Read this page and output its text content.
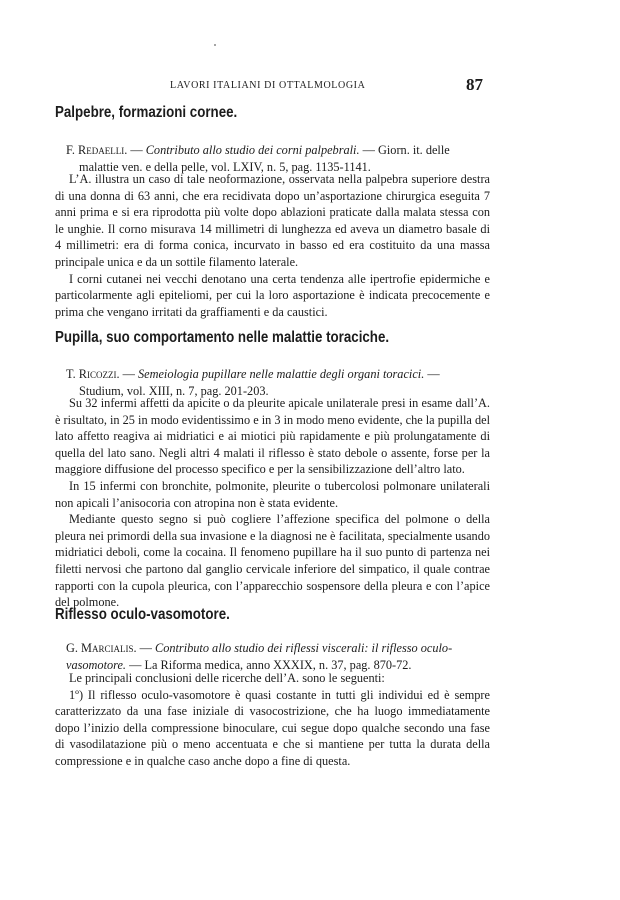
LAVORI ITALIANI DI OTTALMOLOGIA	87
Palpebre, formazioni cornee.
F. Redaelli. — Contributo allo studio dei corni palpebrali. — Giorn. it. delle
malattie ven. e della pelle, vol. LXIV, n. 5, pag. 1135-1141.

L’A. illustra un caso di tale neoformazione, osservata nella palpebra superiore destra di una donna di 63 anni, che era recidivata dopo un’asportazione chirurgica eseguita 7 anni prima e si era riprodotta più volte dopo ablazioni praticate dalla malata stessa con le unghie. Il corno misurava 14 millimetri di lunghezza ed aveva un diametro basale di 4 millimetri: era di forma conica, incurvato in basso ed era costituito da una massa principale unica e da un sottile filamento laterale.

I corni cutanei nei vecchi denotano una certa tendenza alle ipertrofie epidermiche e particolarmente agli epiteliomi, per cui la loro asportazione è indicata precocemente e prima che vengano irritati da graffiamenti e da caustici.

Pupilla, suo comportamento nelle malattie toraciche.
T. Ricozzi. — Semeiologia pupillare nelle malattie degli organi toracici. —
Studium, vol. XIII, n. 7, pag. 201-203.

Su 32 infermi affetti da apicite o da pleurite apicale unilaterale presi in esame dall’A. è risultato, in 25 in modo evidentissimo e in 3 in modo meno evidente, che la pupilla del lato affetto reagiva ai midriatici e ai miotici più rapidamente e più prolungatamente di quella del lato sano. Negli altri 4 malati il riflesso è stato debole o assente, forse per la maggiore diffusione del processo specifico e per la sensibilizzazione dell’altro lato.

In 15 infermi con bronchite, polmonite, pleurite o tubercolosi polmonare unilaterali non apicali l’anisocoria con atropina non è stata evidente.

Mediante questo segno si può cogliere l’affezione specifica del polmone o della pleura nei primordi della sua invasione e la diagnosi ne è facilitata, specialmente usando midriatici deboli, come la cocaina. Il fenomeno pupillare ha il suo punto di partenza nei filetti nervosi che partono dal ganglio cervicale inferiore del simpatico, il quale contrae rapporti con la cupola pleurica, con l’apparecchio sospensore della pleura e con l’apice del polmone.

Riflesso oculo-vasomotore.
G. Marcialis. — Contributo allo studio dei riflessi viscerali: il riflesso oculo-vasomotore. — La Riforma medica, anno XXXIX, n. 37, pag. 870-72.

Le principali conclusioni delle ricerche dell’A. sono le seguenti:

1º) Il riflesso oculo-vasomotore è quasi costante in tutti gli individui ed è sempre caratterizzato da una fase iniziale di vasocostrizione, che ha luogo immediatamente dopo l’inizio della compressione binoculare, cui segue dopo qualche secondo una fase di vasodilatazione più o meno accentuata e che si mantiene per tutta la durata della compressione e in qualche caso anche dopo a fine di questa.
